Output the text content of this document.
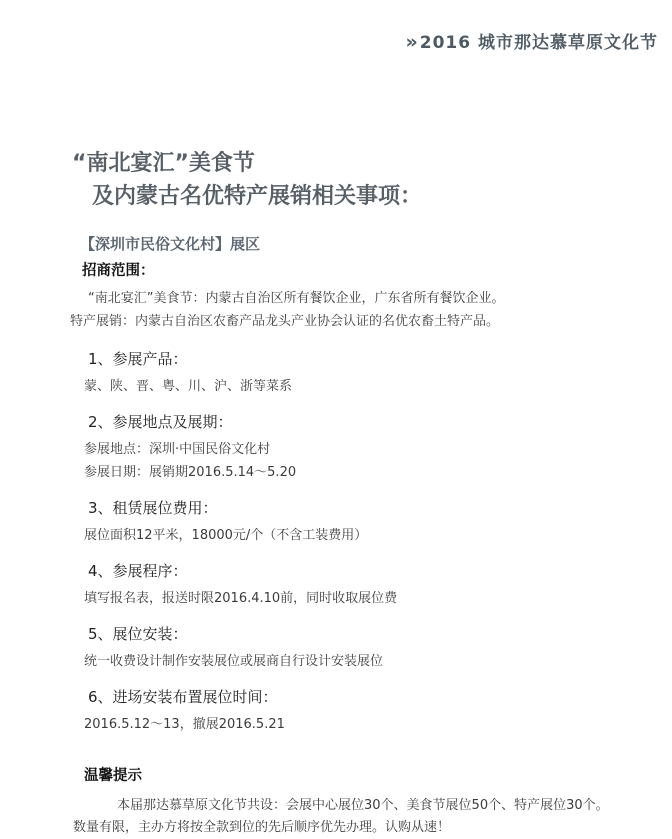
» 2016 城市那达慕草原文化节
“南北宴汇”美食节
及内蒙古名优特产展销相关事项：
【深圳市民俗文化村】展区
招商范围：
“南北宴汇”美食节：内蒙古自治区所有餐饮企业，广东省所有餐饮企业。
特产展销：内蒙古自治区农畜产品龙头产业协会认证的名优农畜土特产品。
1、参展产品：
蒙、陕、晋、粤、川、沪、浙等菜系
2、参展地点及展期：
参展地点：深圳·中国民俗文化村
参展日期：展销期2016.5.14～5.20
3、租赁展位费用：
展位面积12平米，18000元/个（不含工装费用）
4、参展程序：
填写报名表，报送时限2016.4.10前，同时收取展位费
5、展位安装：
统一收费设计制作安装展位或展商自行设计安装展位
6、进场安装布置展位时间：
2016.5.12～13，撤展2016.5.21
温馨提示
本届那达慕草原文化节共设：会展中心展位30个、美食节展位50个、特产展位30个。
数量有限，主办方将按全款到位的先后顺序优先办理。认购从速！
